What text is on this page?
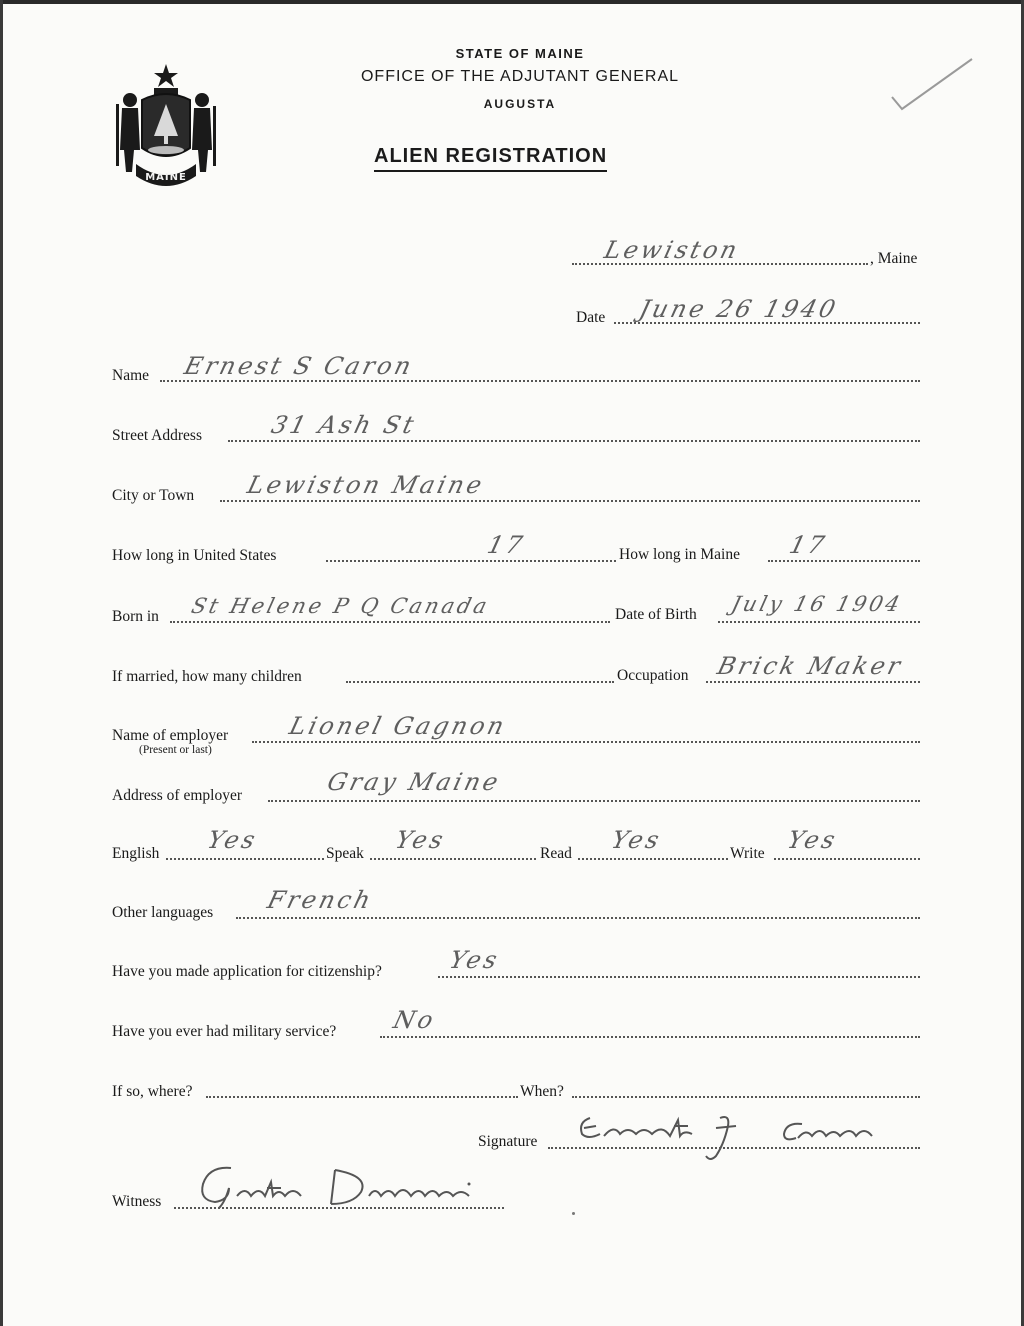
MAINE
STATE OF MAINE
OFFICE OF THE ADJUTANT GENERAL
AUGUSTA
ALIEN REGISTRATION
Lewiston	, Maine
Date June 26 1940
Name Ernest S Caron
Street Address	31 Ash St
City or Town Lewiston Maine
How long in United States	17	How long in Maine 17
Born in St Helene P Q Canada	Date of Birth July 16 1904
If married, how many children	Occupation Brick Maker
Name of employer
(Present or last)
Lionel Gagnon
Address of employer	Gray Maine
English Yes	Speak Yes	Read Yes	Write Yes
Other languages French
Have you made application for citizenship?	Yes
Have you ever had military service? No
If so, where?	When?
Signature
Witness
